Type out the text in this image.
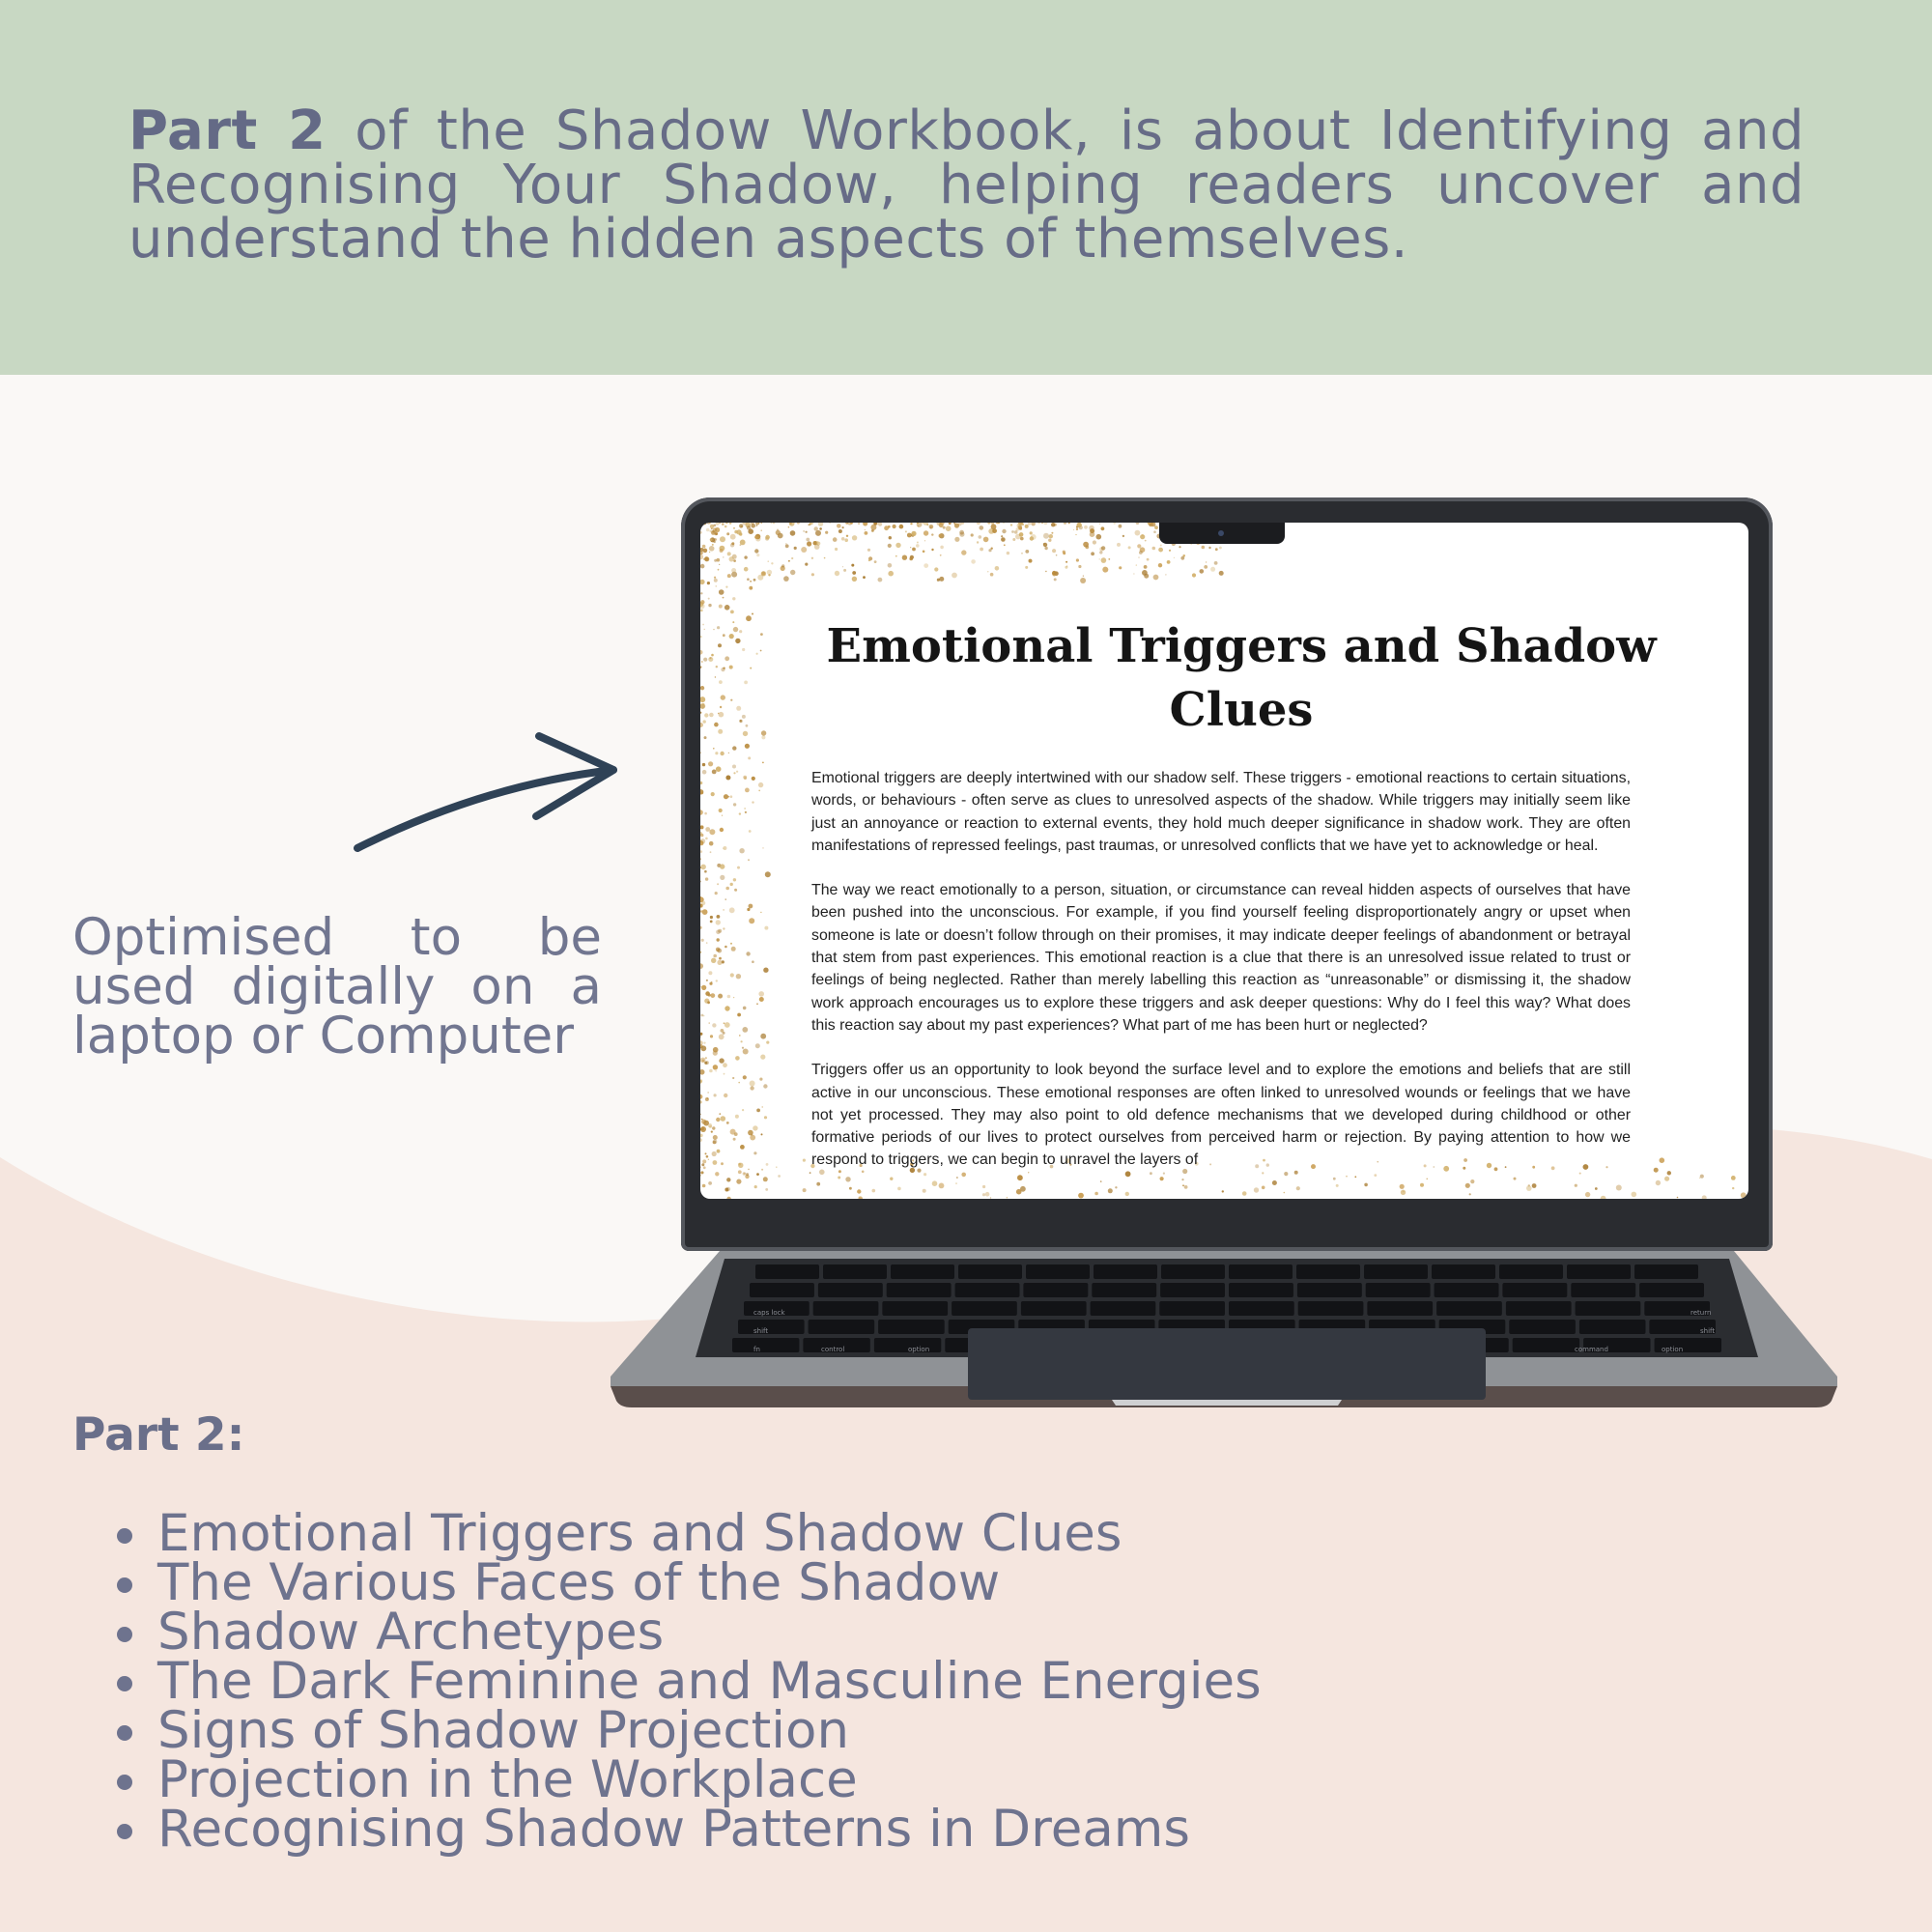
Part 2 of the Shadow Workbook, is about Identifying and Recognising Your Shadow, helping readers uncover and understand the hidden aspects of themselves.

Optimised to be used digitally on a laptop or Computer

Emotional Triggers and Shadow Clues

Emotional triggers are deeply intertwined with our shadow self. These triggers - emotional reactions to certain situations, words, or behaviours - often serve as clues to unresolved aspects of the shadow. While triggers may initially seem like just an annoyance or reaction to external events, they hold much deeper significance in shadow work. They are often manifestations of repressed feelings, past traumas, or unresolved conflicts that we have yet to acknowledge or heal.

The way we react emotionally to a person, situation, or circumstance can reveal hidden aspects of ourselves that have been pushed into the unconscious. For example, if you find yourself feeling disproportionately angry or upset when someone is late or doesn’t follow through on their promises, it may indicate deeper feelings of abandonment or betrayal that stem from past experiences. This emotional reaction is a clue that there is an unresolved issue related to trust or feelings of being neglected. Rather than merely labelling this reaction as “unreasonable” or dismissing it, the shadow work approach encourages us to explore these triggers and ask deeper questions: Why do I feel this way? What does this reaction say about my past experiences? What part of me has been hurt or neglected?

Triggers offer us an opportunity to look beyond the surface level and to explore the emotions and beliefs that are still active in our unconscious. These emotional responses are often linked to unresolved wounds or feelings that we have not yet processed. They may also point to old defence mechanisms that we developed during childhood or other formative periods of our lives to protect ourselves from perceived harm or rejection. By paying attention to how we respond to triggers, we can begin to unravel the layers of

caps lock
shift
fn	control	option	command	option
return
shift
Part 2:
Emotional Triggers and Shadow Clues
The Various Faces of the Shadow
Shadow Archetypes
The Dark Feminine and Masculine Energies
Signs of Shadow Projection
Projection in the Workplace
Recognising Shadow Patterns in Dreams
